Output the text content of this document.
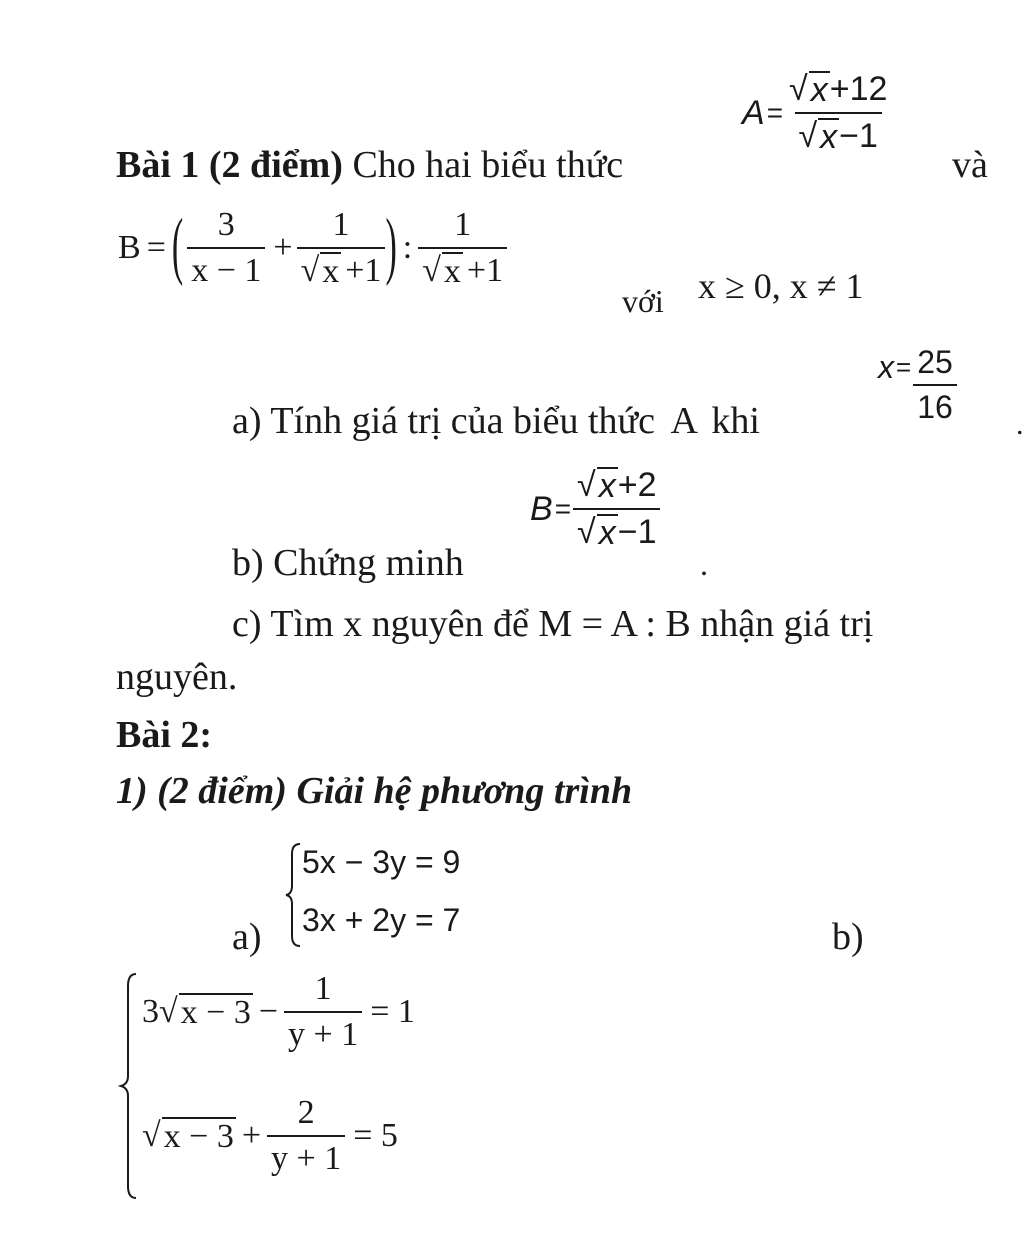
Bài 1 (2 điểm) Cho hai biểu thức
$A = \frac{√ x +12}{√ x -1}$
và
B = ( $\frac{3}{x - 1} + \frac{1}{√ x +1}$ ) : $\frac{1}{√ x +1}$
với x ≥ 0, x ≠ 1
a) Tính giá trị của biểu thức A khi
$x = \frac{25}{16}$ .
b) Chứng minh
$B = \frac{√ x +2}{√ x -1}$
.
c) Tìm x nguyên để M = A : B nhận giá trị
nguyên.
Bài 2:
1) (2 điểm) Giải hệ phương trình
a)
5x − 3y = 9
3x + 2y = 7	b)
3 √ $x - 3 - \frac{1}{y + 1} = 1$
√ $x - 3 + \frac{2}{y + 1} = 5$
